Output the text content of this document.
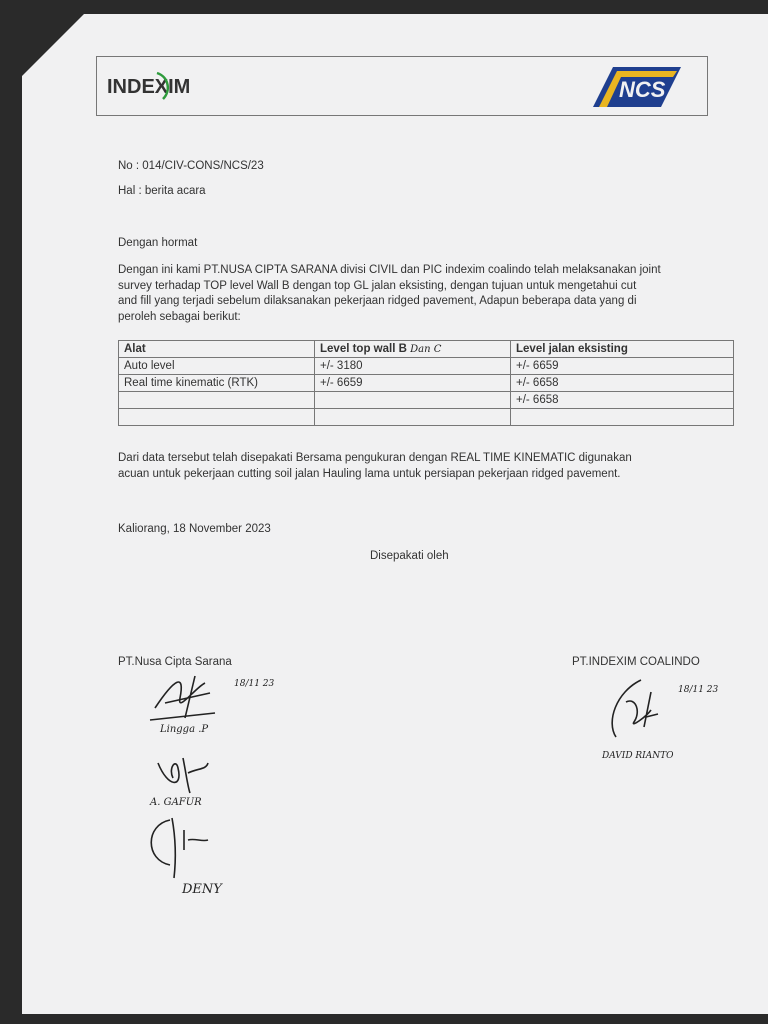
INDEXIM	NCS
No : 014/CIV-CONS/NCS/23
Hal : berita acara
Dengan hormat
Dengan ini kami PT.NUSA CIPTA SARANA divisi CIVIL dan PIC indexim coalindo telah melaksanakan joint
survey terhadap TOP level Wall B dengan top GL jalan eksisting, dengan tujuan untuk mengetahui cut
and fill yang terjadi sebelum dilaksanakan pekerjaan ridged pavement, Adapun beberapa data yang di
peroleh sebagai berikut:
Alat	Level top wall B Dan C	Level jalan eksisting
Auto level	+/- 3180	+/- 6659
Real time kinematic (RTK)	+/- 6659	+/- 6658
		+/- 6658

Dari data tersebut telah disepakati Bersama pengukuran dengan REAL TIME KINEMATIC digunakan
acuan untuk pekerjaan cutting soil jalan Hauling lama untuk persiapan pekerjaan ridged pavement.
Kaliorang, 18 November 2023
Disepakati oleh
PT.Nusa Cipta Sarana	PT.INDEXIM COALINDO
18/11 23
Lingga .P
A. GAFUR
DENY
18/11 23
DAVID RIANTO
